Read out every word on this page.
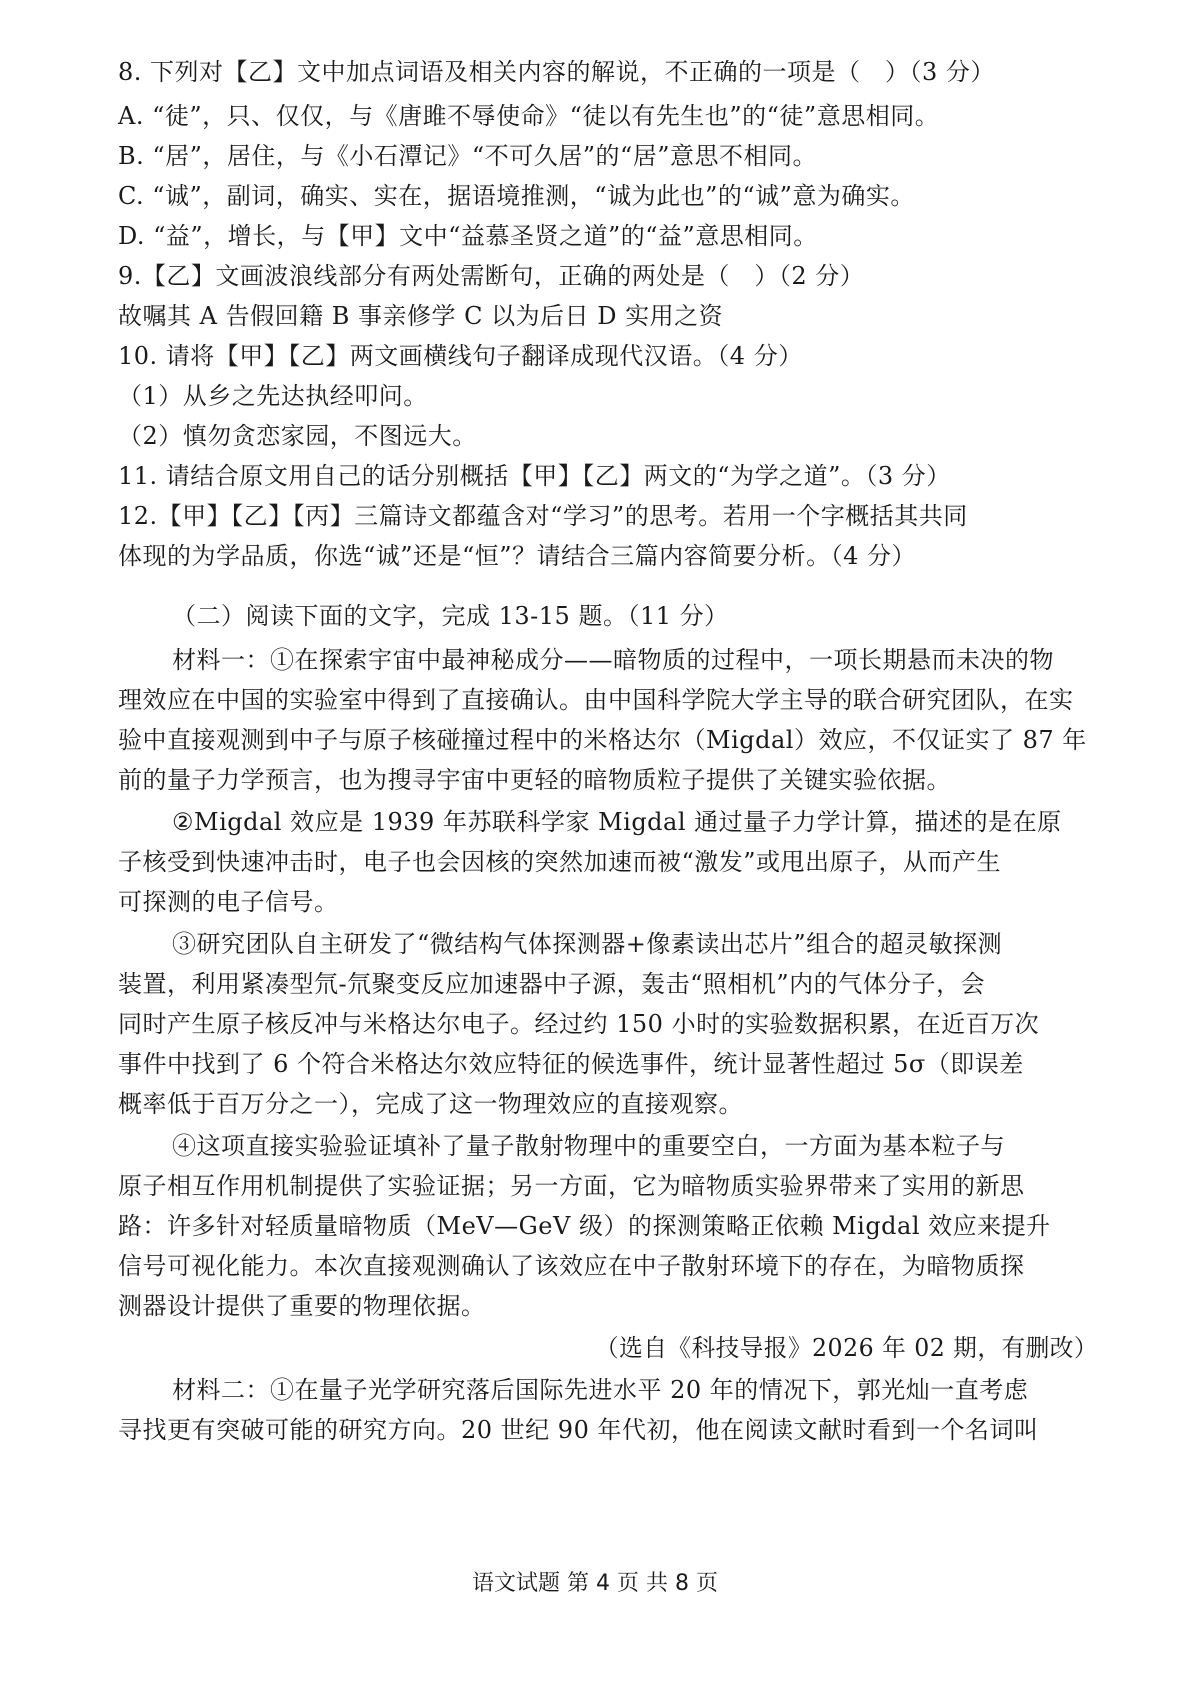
8. 下列对【乙】文中加点词语及相关内容的解说，不正确的一项是（　）（3 分）
A. “徒”，只、仅仅，与《唐雎不辱使命》“徒以有先生也”的“徒”意思相同。
B. “居”，居住，与《小石潭记》“不可久居”的“居”意思不相同。
C. “诚”，副词，确实、实在，据语境推测，“诚为此也”的“诚”意为确实。
D. “益”，增长，与【甲】文中“益慕圣贤之道”的“益”意思相同。
9.【乙】文画波浪线部分有两处需断句，正确的两处是（　）（2 分）
故嘱其 A 告假回籍 B 事亲修学 C 以为后日 D 实用之资
10. 请将【甲】【乙】两文画横线句子翻译成现代汉语。（4 分）
（1）从乡之先达执经叩问。
（2）慎勿贪恋家园，不图远大。
11. 请结合原文用自己的话分别概括【甲】【乙】两文的“为学之道”。（3 分）
12.【甲】【乙】【丙】三篇诗文都蕴含对“学习”的思考。若用一个字概括其共同
体现的为学品质，你选“诚”还是“恒”？请结合三篇内容简要分析。（4 分）
（二）阅读下面的文字，完成 13-15 题。（11 分）
材料一：①在探索宇宙中最神秘成分——暗物质的过程中，一项长期悬而未决的物
理效应在中国的实验室中得到了直接确认。由中国科学院大学主导的联合研究团队，在实
验中直接观测到中子与原子核碰撞过程中的米格达尔（Migdal）效应，不仅证实了 87 年
前的量子力学预言，也为搜寻宇宙中更轻的暗物质粒子提供了关键实验依据。
②Migdal 效应是 1939 年苏联科学家 Migdal 通过量子力学计算，描述的是在原
子核受到快速冲击时，电子也会因核的突然加速而被“激发”或甩出原子，从而产生
可探测的电子信号。
③研究团队自主研发了“微结构气体探测器+像素读出芯片”组合的超灵敏探测
装置，利用紧凑型氘-氘聚变反应加速器中子源，轰击“照相机”内的气体分子，会
同时产生原子核反冲与米格达尔电子。经过约 150 小时的实验数据积累，在近百万次
事件中找到了 6 个符合米格达尔效应特征的候选事件，统计显著性超过 5σ（即误差
概率低于百万分之一），完成了这一物理效应的直接观察。
④这项直接实验验证填补了量子散射物理中的重要空白，一方面为基本粒子与
原子相互作用机制提供了实验证据；另一方面，它为暗物质实验界带来了实用的新思
路：许多针对轻质量暗物质（MeV—GeV 级）的探测策略正依赖 Migdal 效应来提升
信号可视化能力。本次直接观测确认了该效应在中子散射环境下的存在，为暗物质探
测器设计提供了重要的物理依据。
（选自《科技导报》2026 年 02 期，有删改）
材料二：①在量子光学研究落后国际先进水平 20 年的情况下，郭光灿一直考虑
寻找更有突破可能的研究方向。20 世纪 90 年代初，他在阅读文献时看到一个名词叫
语文试题 第 4 页 共 8 页
